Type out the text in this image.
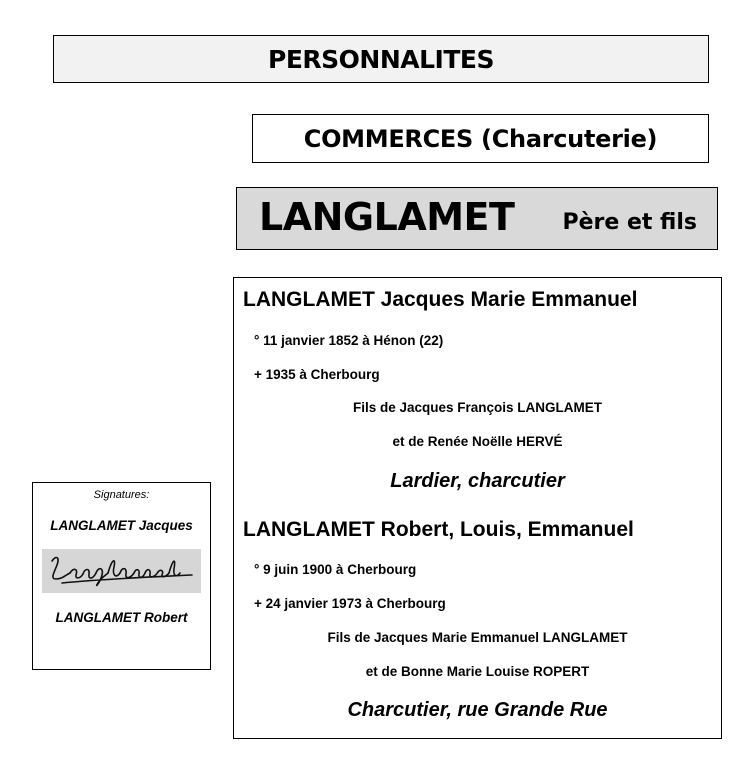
PERSONNALITES
COMMERCES (Charcuterie)
LANGLAMET Père et fils
LANGLAMET Jacques Marie Emmanuel
° 11 janvier 1852 à Hénon (22)
+ 1935 à Cherbourg
Fils de Jacques François LANGLAMET
et de Renée Noëlle HERVÉ
Lardier, charcutier
LANGLAMET Robert, Louis, Emmanuel
° 9 juin 1900 à Cherbourg
+ 24 janvier 1973 à Cherbourg
Fils de Jacques Marie Emmanuel LANGLAMET
et de Bonne Marie Louise ROPERT
Charcutier, rue Grande Rue
Signatures:
LANGLAMET Jacques
LANGLAMET Robert
